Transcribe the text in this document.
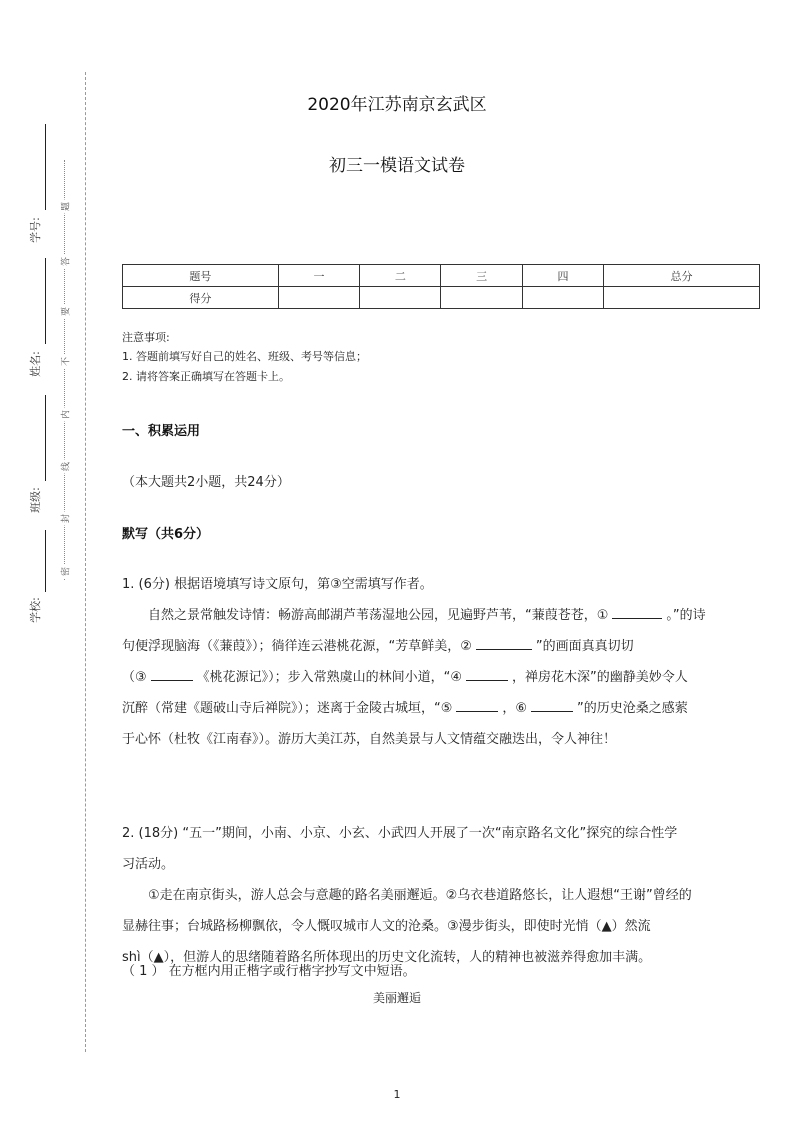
学号:
姓名:
班级:
学校:
题
答
要
不
内
线
封
密
2020年江苏南京玄武区
初三一模语文试卷
题号	一	二	三	四	总分
得分					
注意事项:
1. 答题前填写好自己的姓名、班级、考号等信息；
2. 请将答案正确填写在答题卡上。
一、积累运用
（本大题共2小题，共24分）
默写（共6分）
1. (6分) 根据语境填写诗文原句，第③空需填写作者。
　　自然之景常触发诗情：畅游高邮湖芦苇荡湿地公园，见遍野芦苇，“蒹葭苍苍，①	。”的诗
句便浮现脑海（《蒹葭》）；徜徉连云港桃花源，“芳草鲜美，②	”的画面真真切切
（③	《桃花源记》）；步入常熟虞山的林间小道，“④	，禅房花木深”的幽静美妙令人
沉醉（常建《题破山寺后禅院》）；迷离于金陵古城垣，“⑤	，⑥	”的历史沧桑之感萦
于心怀（杜牧《江南春》）。游历大美江苏，自然美景与人文情蕴交融迭出，令人神往！
2. (18分) “五一”期间，小南、小京、小玄、小武四人开展了一次“南京路名文化”探究的综合性学
习活动。
　　①走在南京街头，游人总会与意趣的路名美丽邂逅。②乌衣巷道路悠长，让人遐想“王谢”曾经的
显赫往事；台城路杨柳飘依，令人慨叹城市人文的沧桑。③漫步街头，即使时光悄（▲）然流
shì（▲），但游人的思绪随着路名所体现出的历史文化流转，人的精神也被滋养得愈加丰满。
（ 1 ） 在方框内用正楷字或行楷字抄写文中短语。
美丽邂逅
1
